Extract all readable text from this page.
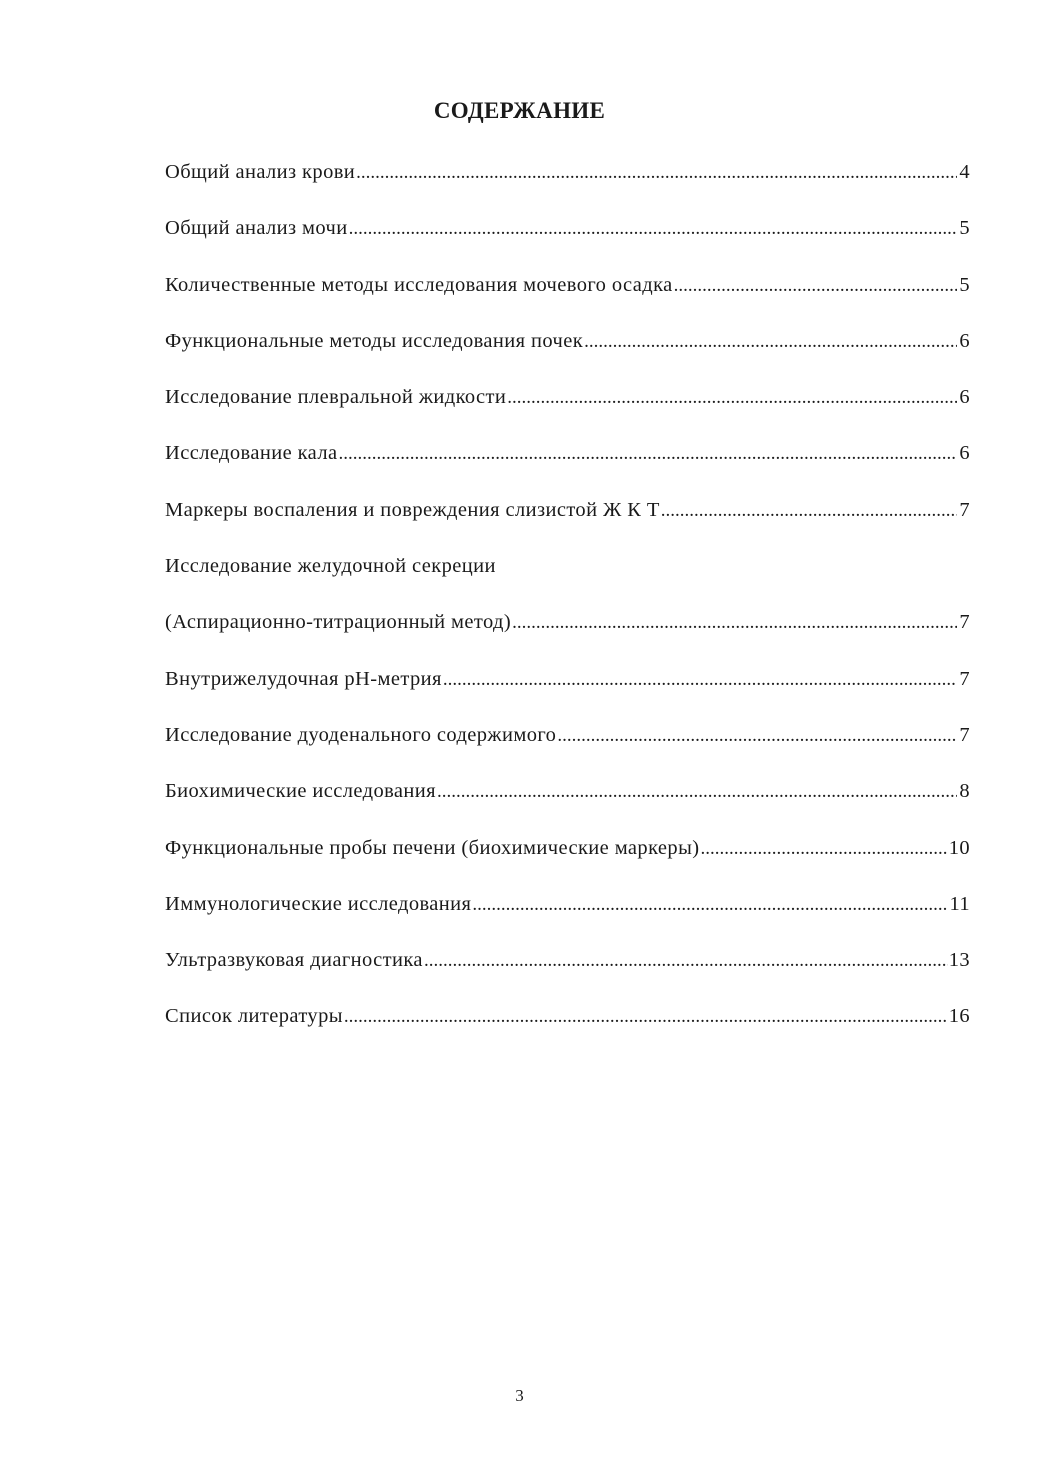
СОДЕРЖАНИЕ
Общий анализ крови .....	4
Общий анализ мочи .....	5
Количественные методы исследования мочевого осадка .....	5
Функциональные методы исследования почек .....	6
Исследование плевральной жидкости .....	6
Исследование кала .....	6
Маркеры воспаления и повреждения слизистой Ж К Т .....	7
Исследование желудочной секреции
(Аспирационно-титрационный метод) .....	7
Внутрижелудочная рН-метрия .....	7
Исследование дуоденального содержимого .....	7
Биохимические исследования .....	8
Функциональные пробы печени (биохимические маркеры) .....	10
Иммунологические исследования .....	11
Ультразвуковая диагностика .....	13
Список литературы .....	16
3
